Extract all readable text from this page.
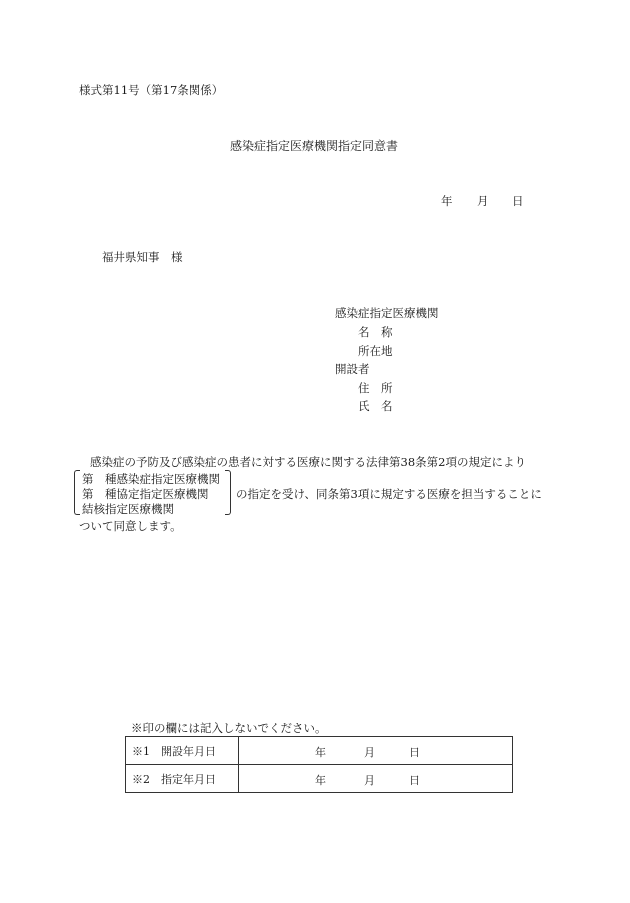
様式第11号（第17条関係）
感染症指定医療機関指定同意書
年 月 日
福井県知事　様
感染症指定医療機関
名　称
所在地
開設者
住　所
氏　名
感染症の予防及び感染症の患者に対する医療に関する法律第38条第2項の規定により
第　種感染症指定医療機関
第　種協定指定医療機関
結核指定医療機関
の指定を受け、同条第3項に規定する医療を担当することに
ついて同意します。
※印の欄には記入しないでください。
※1　開設年月日	年 月 日

※2　指定年月日	年 月 日
